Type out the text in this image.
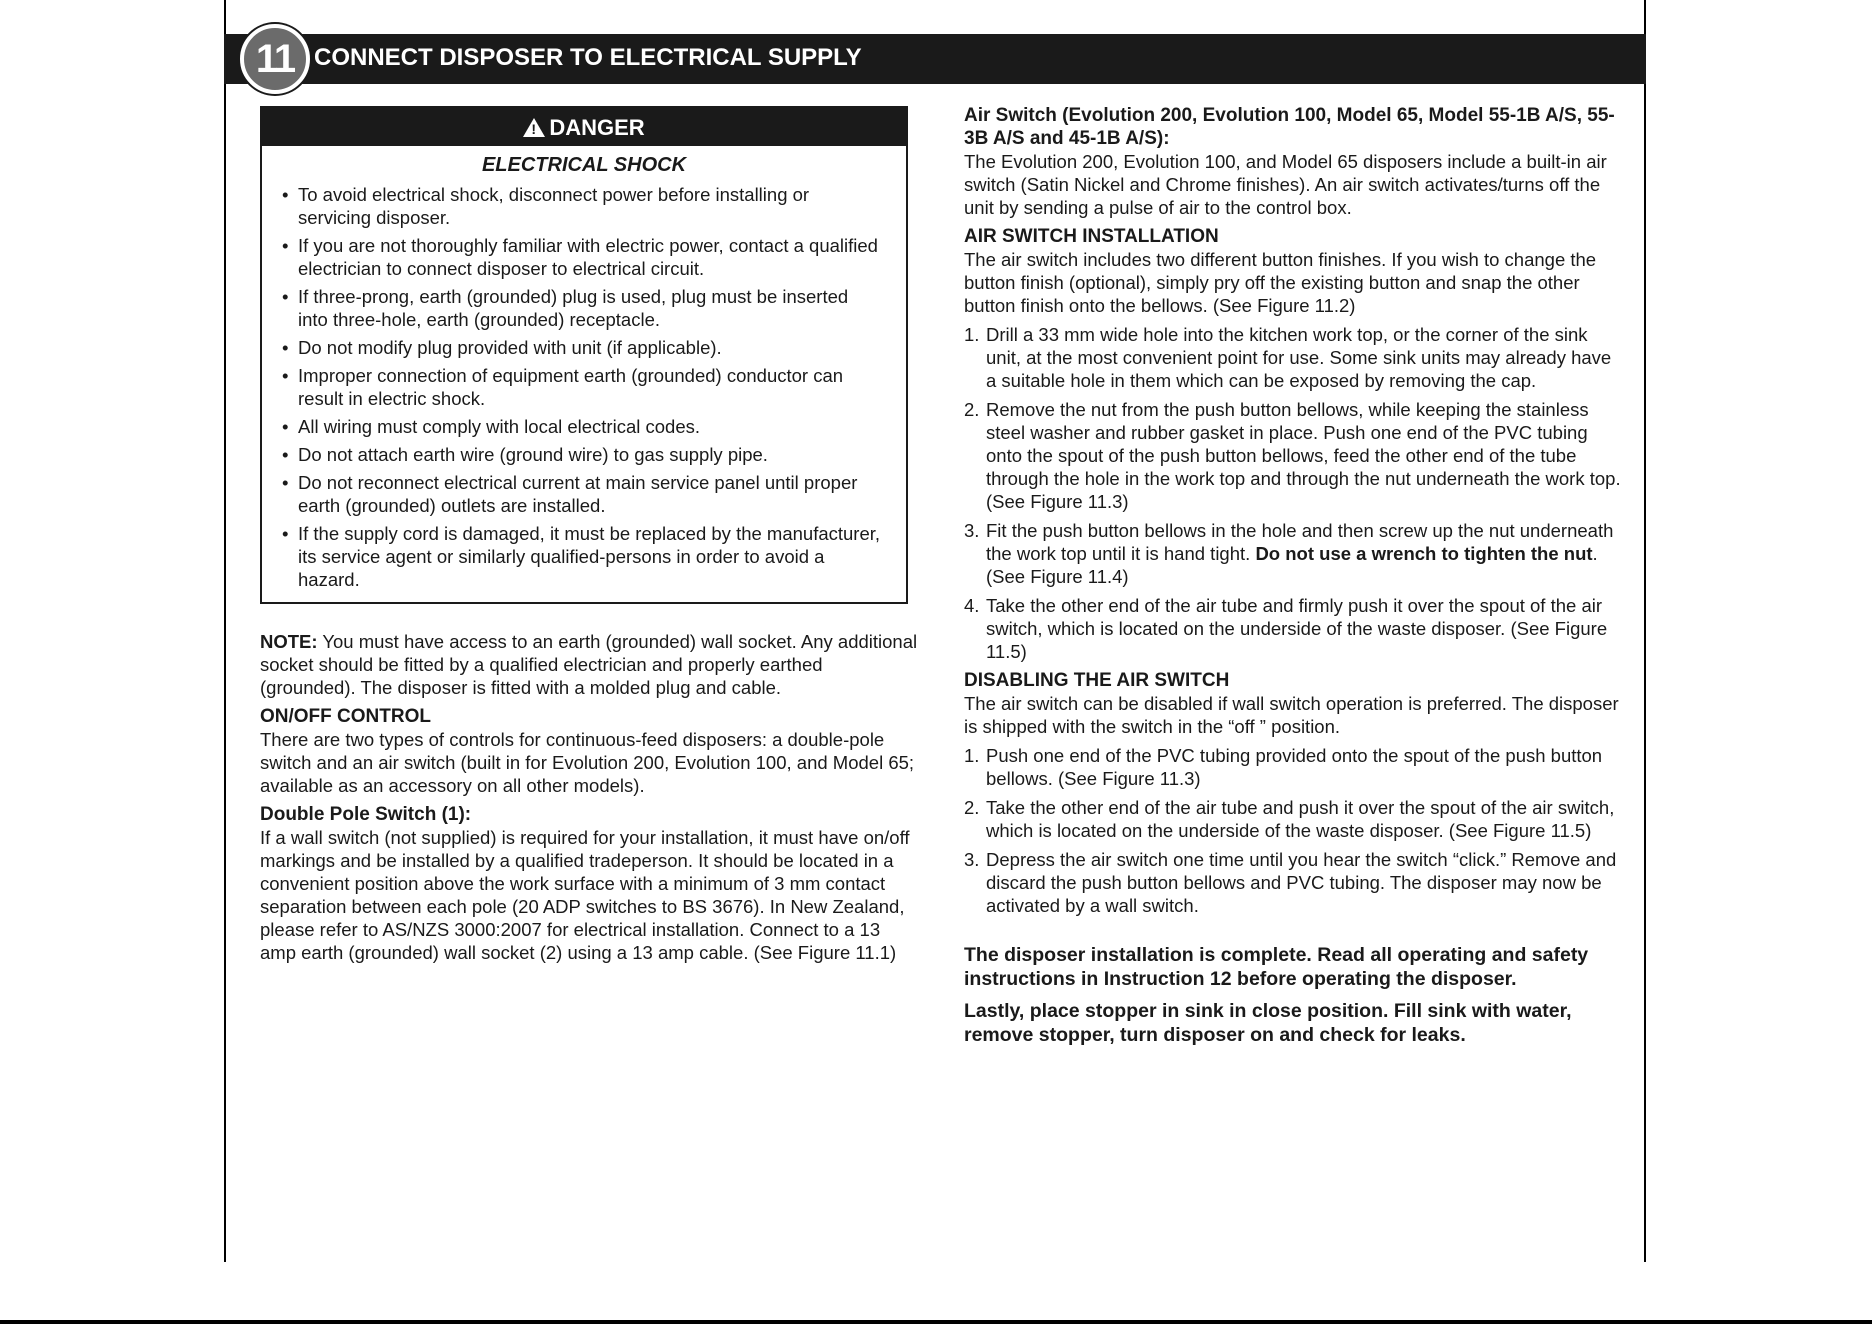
11 CONNECT DISPOSER TO ELECTRICAL SUPPLY
!DANGER
ELECTRICAL SHOCK
• To avoid electrical shock, disconnect power before installing or servicing disposer.
• If you are not thoroughly familiar with electric power, contact a qualified electrician to connect disposer to electrical circuit.
• If three-prong, earth (grounded) plug is used, plug must be inserted into three-hole, earth (grounded) receptacle.
• Do not modify plug provided with unit (if applicable).
• Improper connection of equipment earth (grounded) conductor can result in electric shock.
• All wiring must comply with local electrical codes.
• Do not attach earth wire (ground wire) to gas supply pipe.
• Do not reconnect electrical current at main service panel until proper earth (grounded) outlets are installed.
• If the supply cord is damaged, it must be replaced by the manufacturer, its service agent or similarly qualified-persons in order to avoid a hazard.

NOTE: You must have access to an earth (grounded) wall socket. Any additional socket should be fitted by a qualified electrician and properly earthed (grounded). The disposer is fitted with a molded plug and cable.

ON/OFF CONTROL

There are two types of controls for continuous-feed disposers: a double-pole switch and an air switch (built in for Evolution 200, Evolution 100, and Model 65; available as an accessory on all other models).

Double Pole Switch (1):

If a wall switch (not supplied) is required for your installation, it must have on/off markings and be installed by a qualified tradeperson. It should be located in a convenient position above the work surface with a minimum of 3 mm contact separation between each pole (20 ADP switches to BS 3676). In New Zealand, please refer to AS/NZS 3000:2007 for electrical installation. Connect to a 13 amp earth (grounded) wall socket (2) using a 13 amp cable. (See Figure 11.1)

Air Switch (Evolution 200, Evolution 100, Model 65, Model 55-1B A/S, 55-3B A/S and 45-1B A/S):

The Evolution 200, Evolution 100, and Model 65 disposers include a built-in air switch (Satin Nickel and Chrome finishes). An air switch activates/turns off the unit by sending a pulse of air to the control box.

AIR SWITCH INSTALLATION

The air switch includes two different button finishes. If you wish to change the button finish (optional), simply pry off the existing button and snap the other button finish onto the bellows. (See Figure 11.2)

1. Drill a 33 mm wide hole into the kitchen work top, or the corner of the sink unit, at the most convenient point for use. Some sink units may already have a suitable hole in them which can be exposed by removing the cap.
2. Remove the nut from the push button bellows, while keeping the stainless steel washer and rubber gasket in place. Push one end of the PVC tubing onto the spout of the push button bellows, feed the other end of the tube through the hole in the work top and through the nut underneath the work top. (See Figure 11.3)
3. Fit the push button bellows in the hole and then screw up the nut underneath the work top until it is hand tight. Do not use a wrench to tighten the nut. (See Figure 11.4)
4. Take the other end of the air tube and firmly push it over the spout of the air switch, which is located on the underside of the waste disposer. (See Figure 11.5)
DISABLING THE AIR SWITCH

The air switch can be disabled if wall switch operation is preferred. The disposer is shipped with the switch in the “off ” position.

1. Push one end of the PVC tubing provided onto the spout of the push button bellows. (See Figure 11.3)
2. Take the other end of the air tube and push it over the spout of the air switch, which is located on the underside of the waste disposer. (See Figure 11.5)
3. Depress the air switch one time until you hear the switch “click.” Remove and discard the push button bellows and PVC tubing. The disposer may now be activated by a wall switch.

The disposer installation is complete. Read all operating and safety instructions in Instruction 12 before operating the disposer.

Lastly, place stopper in sink in close position. Fill sink with water, remove stopper, turn disposer on and check for leaks.
